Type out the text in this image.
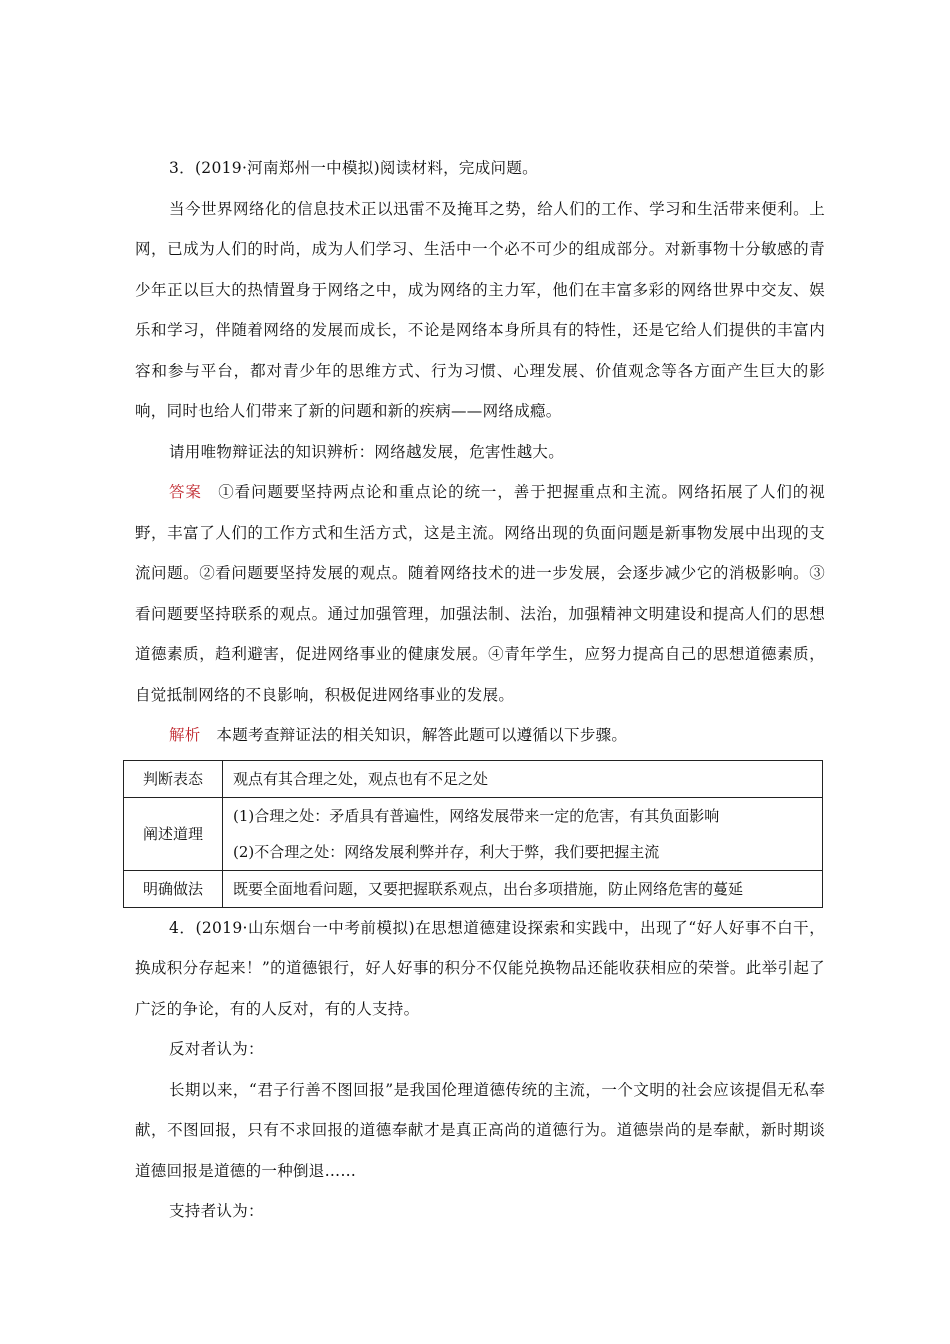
3．(2019·河南郑州一中模拟)阅读材料，完成问题。

当今世界网络化的信息技术正以迅雷不及掩耳之势，给人们的工作、学习和生活带来便利。上网，已成为人们的时尚，成为人们学习、生活中一个必不可少的组成部分。对新事物十分敏感的青少年正以巨大的热情置身于网络之中，成为网络的主力军，他们在丰富多彩的网络世界中交友、娱乐和学习，伴随着网络的发展而成长，不论是网络本身所具有的特性，还是它给人们提供的丰富内容和参与平台，都对青少年的思维方式、行为习惯、心理发展、价值观念等各方面产生巨大的影响，同时也给人们带来了新的问题和新的疾病——网络成瘾。

请用唯物辩证法的知识辨析：网络越发展，危害性越大。

答案　 ①看问题要坚持两点论和重点论的统一，善于把握重点和主流。网络拓展了人们的视野，丰富了人们的工作方式和生活方式，这是主流。网络出现的负面问题是新事物发展中出现的支流问题。②看问题要坚持发展的观点。随着网络技术的进一步发展，会逐步减少它的消极影响。③看问题要坚持联系的观点。通过加强管理，加强法制、法治，加强精神文明建设和提高人们的思想道德素质，趋利避害，促进网络事业的健康发展。④青年学生，应努力提高自己的思想道德素质，自觉抵制网络的不良影响，积极促进网络事业的发展。

解析　 本题考查辩证法的相关知识，解答此题可以遵循以下步骤。

判断表态	观点有其合理之处，观点也有不足之处
阐述道理	(1)合理之处：矛盾具有普遍性，网络发展带来一定的危害，有其负面影响
(2)不合理之处：网络发展利弊并存，利大于弊，我们要把握主流

明确做法	既要全面地看问题，又要把握联系观点，出台多项措施，防止网络危害的蔓延

4．(2019·山东烟台一中考前模拟)在思想道德建设探索和实践中，出现了“好人好事不白干，换成积分存起来！”的道德银行，好人好事的积分不仅能兑换物品还能收获相应的荣誉。此举引起了广泛的争论，有的人反对，有的人支持。

反对者认为：

长期以来，“君子行善不图回报”是我国伦理道德传统的主流，一个文明的社会应该提倡无私奉献，不图回报，只有不求回报的道德奉献才是真正高尚的道德行为。道德崇尚的是奉献，新时期谈道德回报是道德的一种倒退……

支持者认为：
